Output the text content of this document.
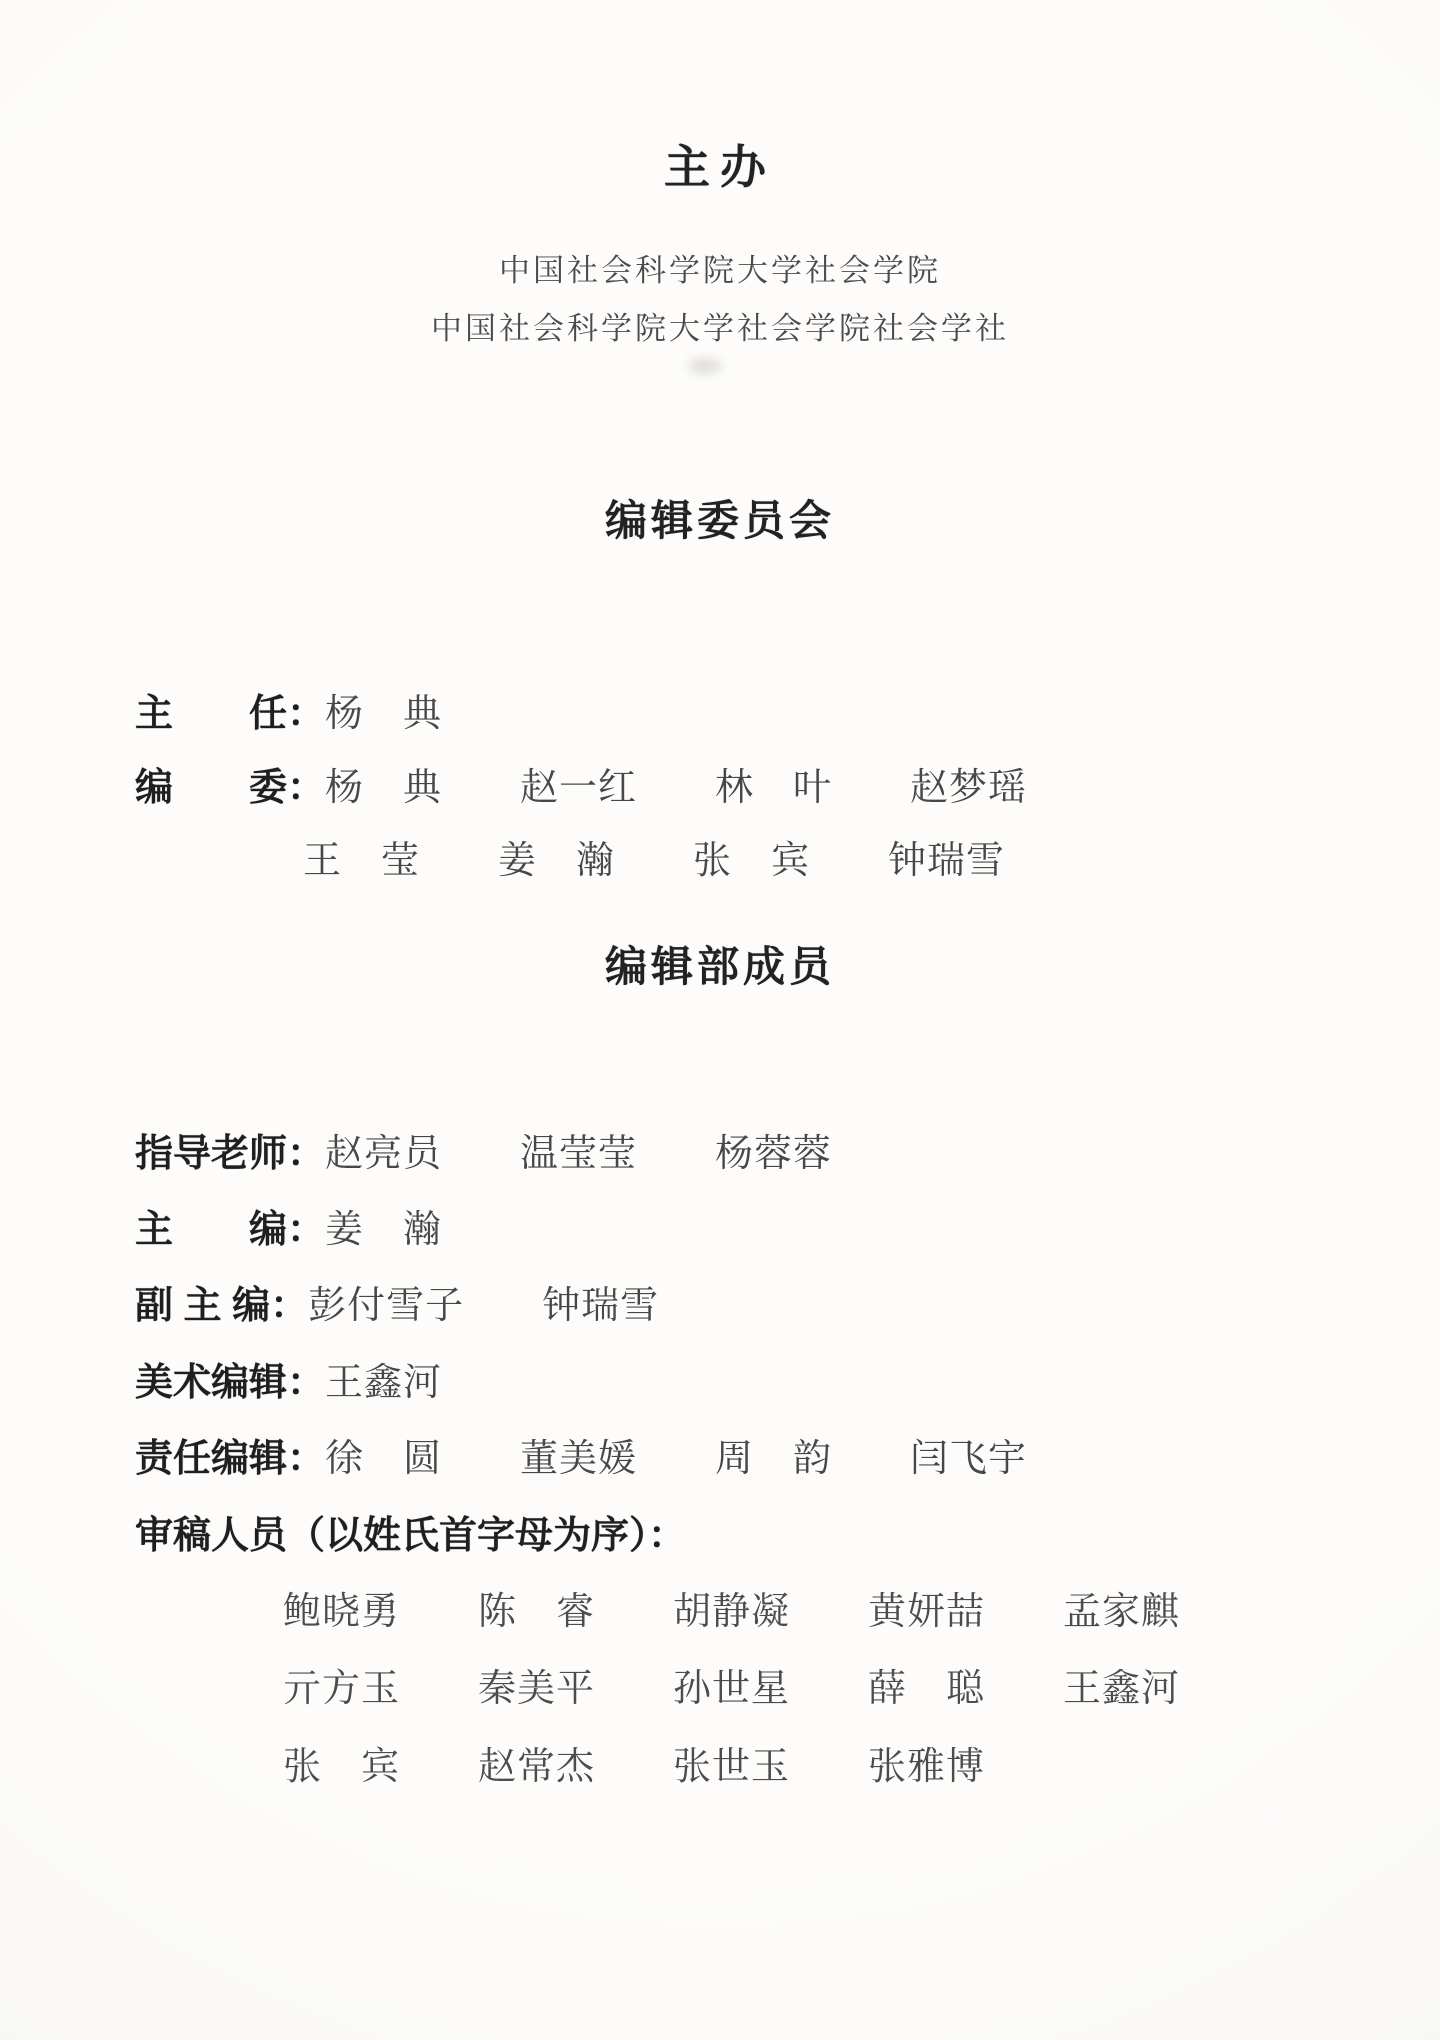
主办

中国社会科学院大学社会学院

中国社会科学院大学社会学院社会学社

编辑委员会
主　　任： 杨　典
编　　委： 杨　典　　赵一红　　林　叶　　赵梦瑶
王　莹　　姜　瀚　　张　宾　　钟瑞雪
编辑部成员
指导老师： 赵亮员　　温莹莹　　杨蓉蓉
主　　编： 姜　瀚
副 主 编： 彭付雪子　　钟瑞雪
美术编辑： 王鑫河
责任编辑： 徐　圆　　董美媛　　周　韵　　闫飞宇
审稿人员（以姓氏首字母为序）：
鲍晓勇　　陈　睿　　胡静凝　　黄妍喆　　孟家麒
亓方玉　　秦美平　　孙世星　　薛　聪　　王鑫河
张　宾　　赵常杰　　张世玉　　张雅博
